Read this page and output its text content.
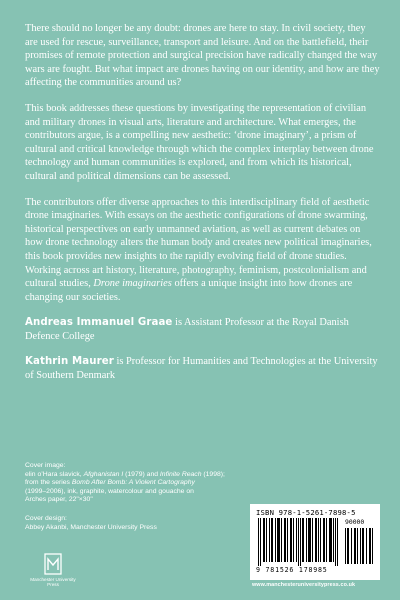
There should no longer be any doubt: drones are here to stay. In civil society, they are used for rescue, surveillance, transport and leisure. And on the battlefield, their promises of remote protection and surgical precision have radically changed the way wars are fought. But what impact are drones having on our identity, and how are they affecting the communities around us?

This book addresses these questions by investigating the representation of civilian and military drones in visual arts, literature and architecture. What emerges, the contributors argue, is a compelling new aesthetic: ‘drone imaginary’, a prism of cultural and critical knowledge through which the complex interplay between drone technology and human communities is explored, and from which its historical, cultural and political dimensions can be assessed.

The contributors offer diverse approaches to this interdisciplinary field of aesthetic drone imaginaries. With essays on the aesthetic configurations of drone swarming, historical perspectives on early unmanned aviation, as well as current debates on how drone technology alters the human body and creates new political imaginaries, this book provides new insights to the rapidly evolving field of drone studies. Working across art history, literature, photography, feminism, postcolonialism and cultural studies, Drone imaginaries offers a unique insight into how drones are changing our societies.

Andreas Immanuel Graae is Assistant Professor at the Royal Danish Defence College
Kathrin Maurer is Professor for Humanities and Technologies at the University of Southern Denmark
Cover image:
elin o’Hara slavick, Afghanistan I (1979) and Infinite Reach (1998);
from the series Bomb After Bomb: A Violent Cartography
(1999–2006), ink, graphite, watercolour and gouache on
Arches paper, 22"×30"
Cover design:
Abbey Akanbi, Manchester University Press
Manchester University Press
ISBN 978-1-5261-7898-5
90000
9 781526 178985
www.manchesteruniversitypress.co.uk
